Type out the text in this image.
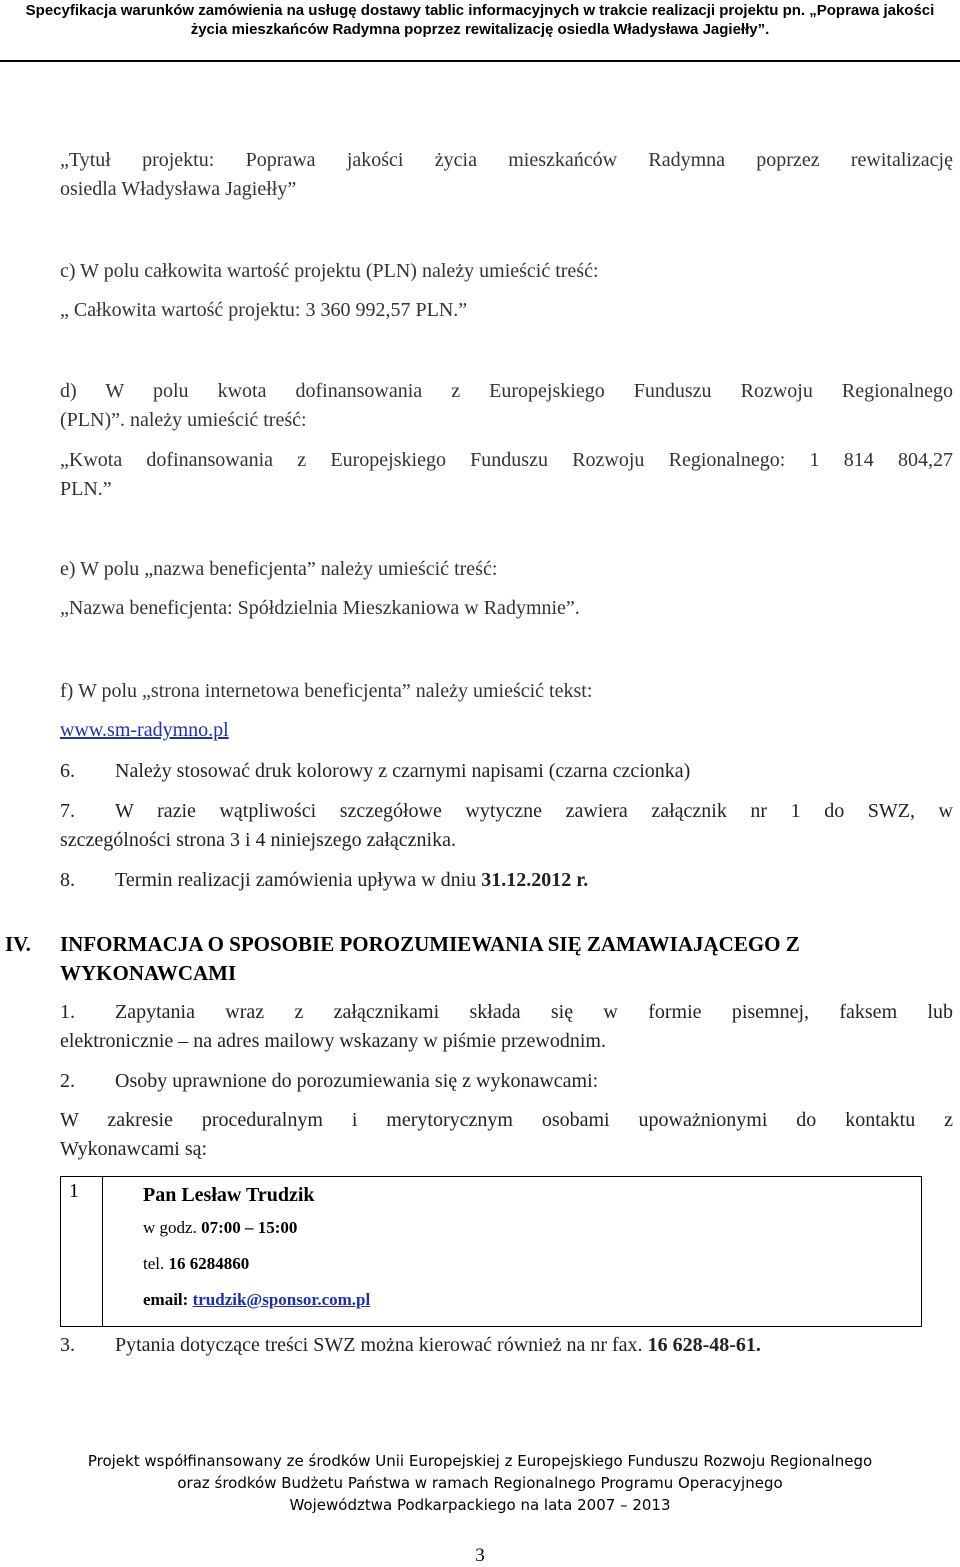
Specyfikacja warunków zamówienia na usługę dostawy tablic informacyjnych w trakcie realizacji projektu pn. „Poprawa jakości
życia mieszkańców Radymna poprzez rewitalizację osiedla Władysława Jagiełły”.
„Tytuł projektu: Poprawa jakości życia mieszkańców Radymna poprzez rewitalizację
osiedla Władysława Jagiełły”
c) W polu całkowita wartość projektu (PLN) należy umieścić treść:
„ Całkowita wartość projektu: 3 360 992,57 PLN.”
d) W polu kwota dofinansowania z Europejskiego Funduszu Rozwoju Regionalnego
(PLN)”. należy umieścić treść:
„Kwota dofinansowania z Europejskiego Funduszu Rozwoju Regionalnego: 1 814 804,27
PLN.”
e) W polu „nazwa beneficjenta” należy umieścić treść:
„Nazwa beneficjenta: Spółdzielnia Mieszkaniowa w Radymnie”.
f) W polu „strona internetowa beneficjenta” należy umieścić tekst:
www.sm-radymno.pl
6. Należy stosować druk kolorowy z czarnymi napisami (czarna czcionka)
7. W razie wątpliwości szczegółowe wytyczne zawiera załącznik nr 1 do SWZ, w
szczególności strona 3 i 4 niniejszego załącznika.
8. Termin realizacji zamówienia upływa w dniu 31.12.2012 r.
IV. INFORMACJA O SPOSOBIE POROZUMIEWANIA SIĘ ZAMAWIAJĄCEGO Z
WYKONAWCAMI
1. Zapytania wraz z załącznikami składa się w formie pisemnej, faksem lub
elektronicznie – na adres mailowy wskazany w piśmie przewodnim.
2. Osoby uprawnione do porozumiewania się z wykonawcami:
W zakresie proceduralnym i merytorycznym osobami upoważnionymi do kontaktu z
Wykonawcami są:
3. Pytania dotyczące treści SWZ można kierować również na nr fax. 16 628-48-61.
1	Pan Lesław Trudzik
w godz. 07:00 – 15:00
tel. 16 6284860
email: trudzik@sponsor.com.pl
Projekt współfinansowany ze środków Unii Europejskiej z Europejskiego Funduszu Rozwoju Regionalnego
oraz środków Budżetu Państwa w ramach Regionalnego Programu Operacyjnego
Województwa Podkarpackiego na lata 2007 – 2013
3
